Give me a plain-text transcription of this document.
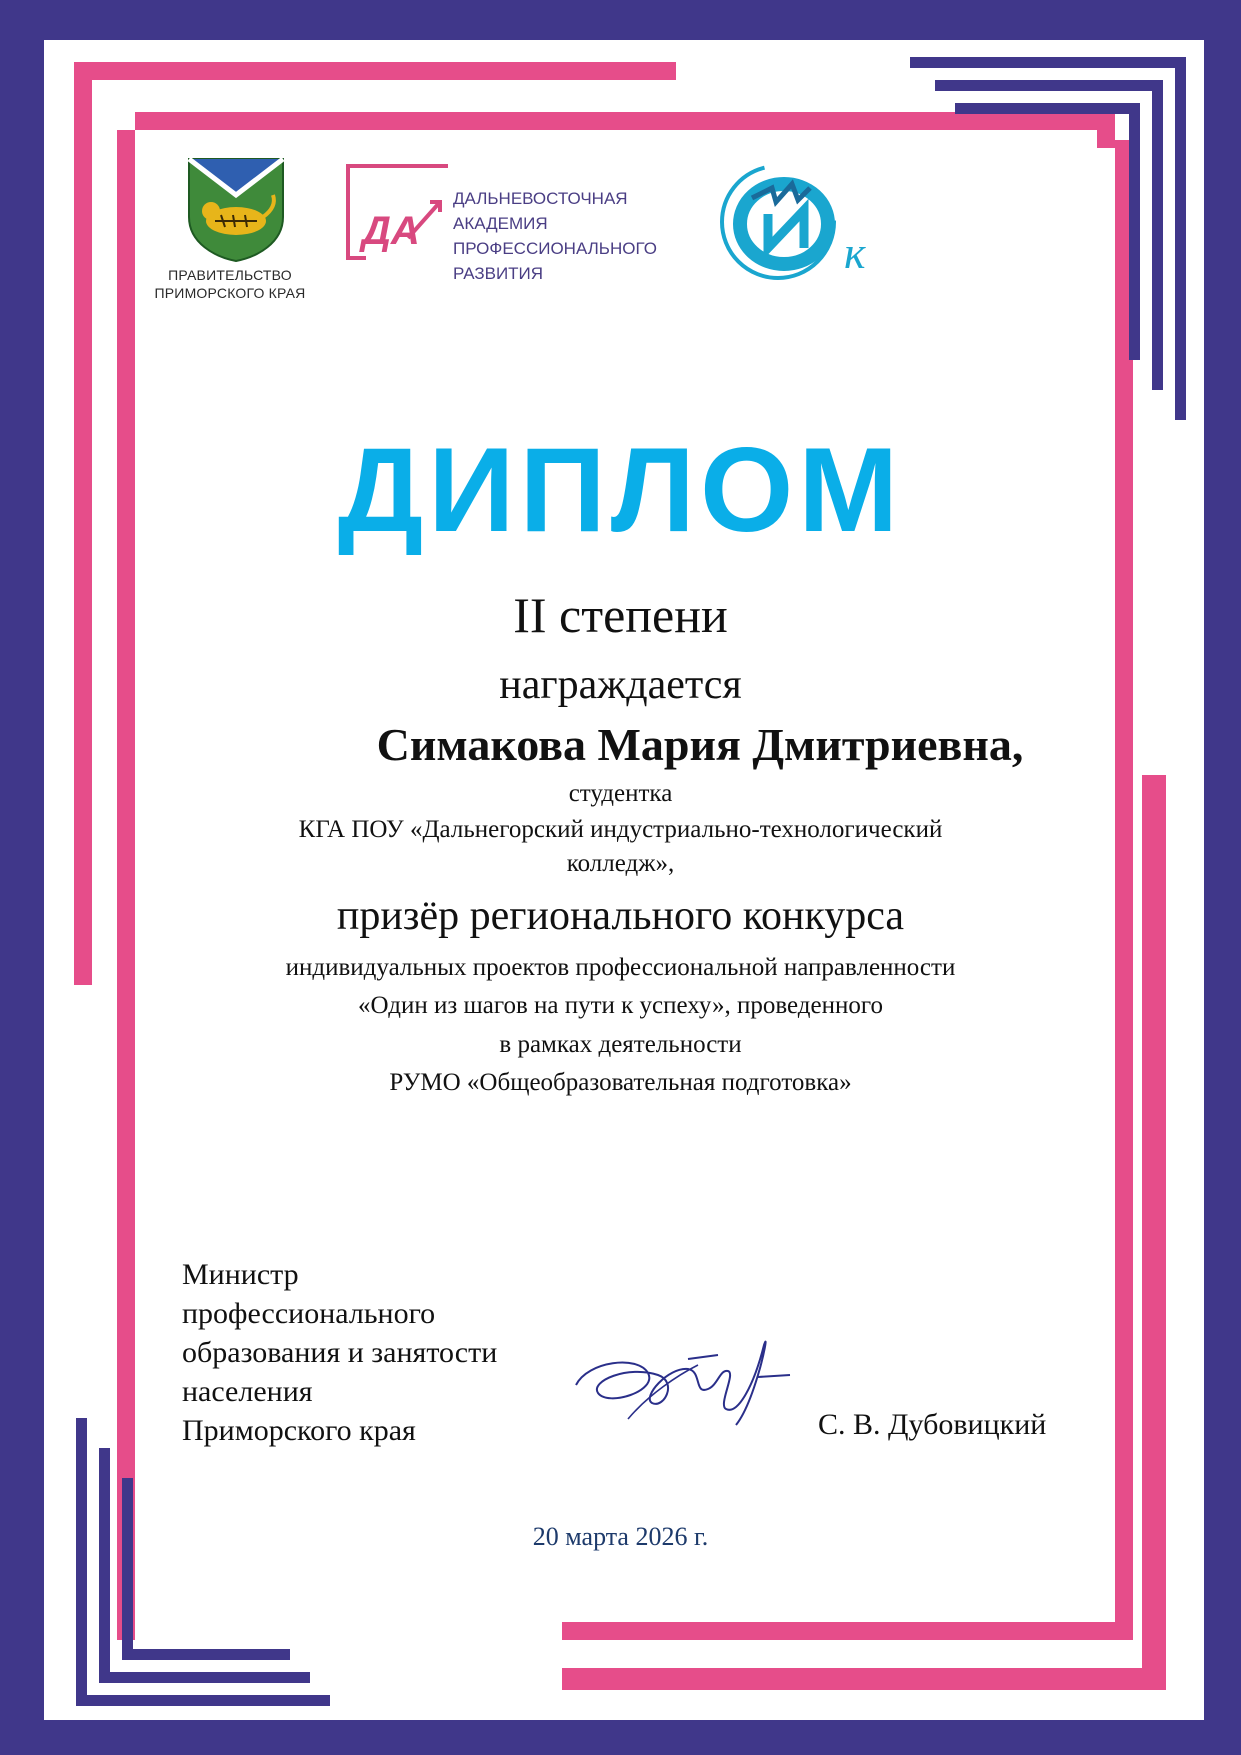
ПРАВИТЕЛЬСТВО
ПРИМОРСКОГО КРАЯ
ДА
ДАЛЬНЕВОСТОЧНАЯ
АКАДЕМИЯ
ПРОФЕССИОНАЛЬНОГО
РАЗВИТИЯ	к
ДИПЛОМ
II степени
награждается
Симакова Мария Дмитриевна,
студентка
КГА ПОУ «Дальнегорский индустриально-технологический
колледж»,
призёр регионального конкурса
индивидуальных проектов профессиональной направленности
«Один из шагов на пути к успеху», проведенного
в рамках деятельности
РУМО «Общеобразовательная подготовка»
Министр
профессионального
образования и занятости
населения
Приморского края	С. В. Дубовицкий
20 марта 2026 г.
